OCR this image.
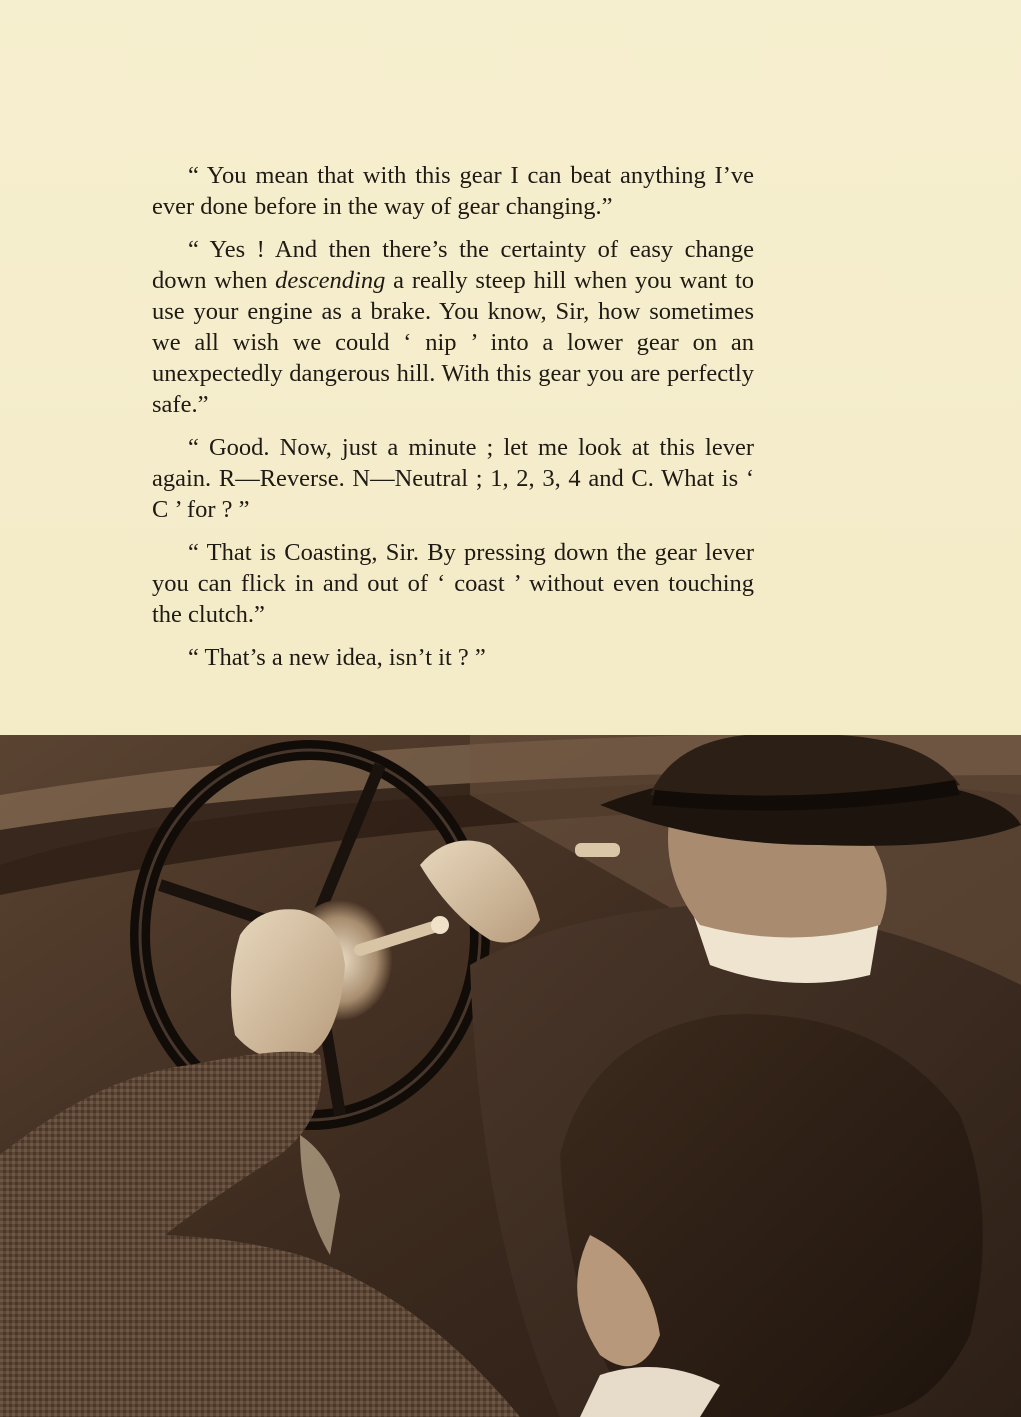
“ You mean that with this gear I can beat anything I’ve ever done before in the way of gear changing.”

“ Yes ! And then there’s the certainty of easy change down when descending a really steep hill when you want to use your engine as a brake. You know, Sir, how sometimes we all wish we could ‘ nip ’ into a lower gear on an unexpectedly dangerous hill. With this gear you are perfectly safe.”

“ Good. Now, just a minute ; let me look at this lever again. R—Reverse. N—Neutral ; 1, 2, 3, 4 and C. What is ‘ C ’ for ? ”

“ That is Coasting, Sir. By pressing down the gear lever you can flick in and out of ‘ coast ’ without even touching the clutch.”

“ That’s a new idea, isn’t it ? ”
